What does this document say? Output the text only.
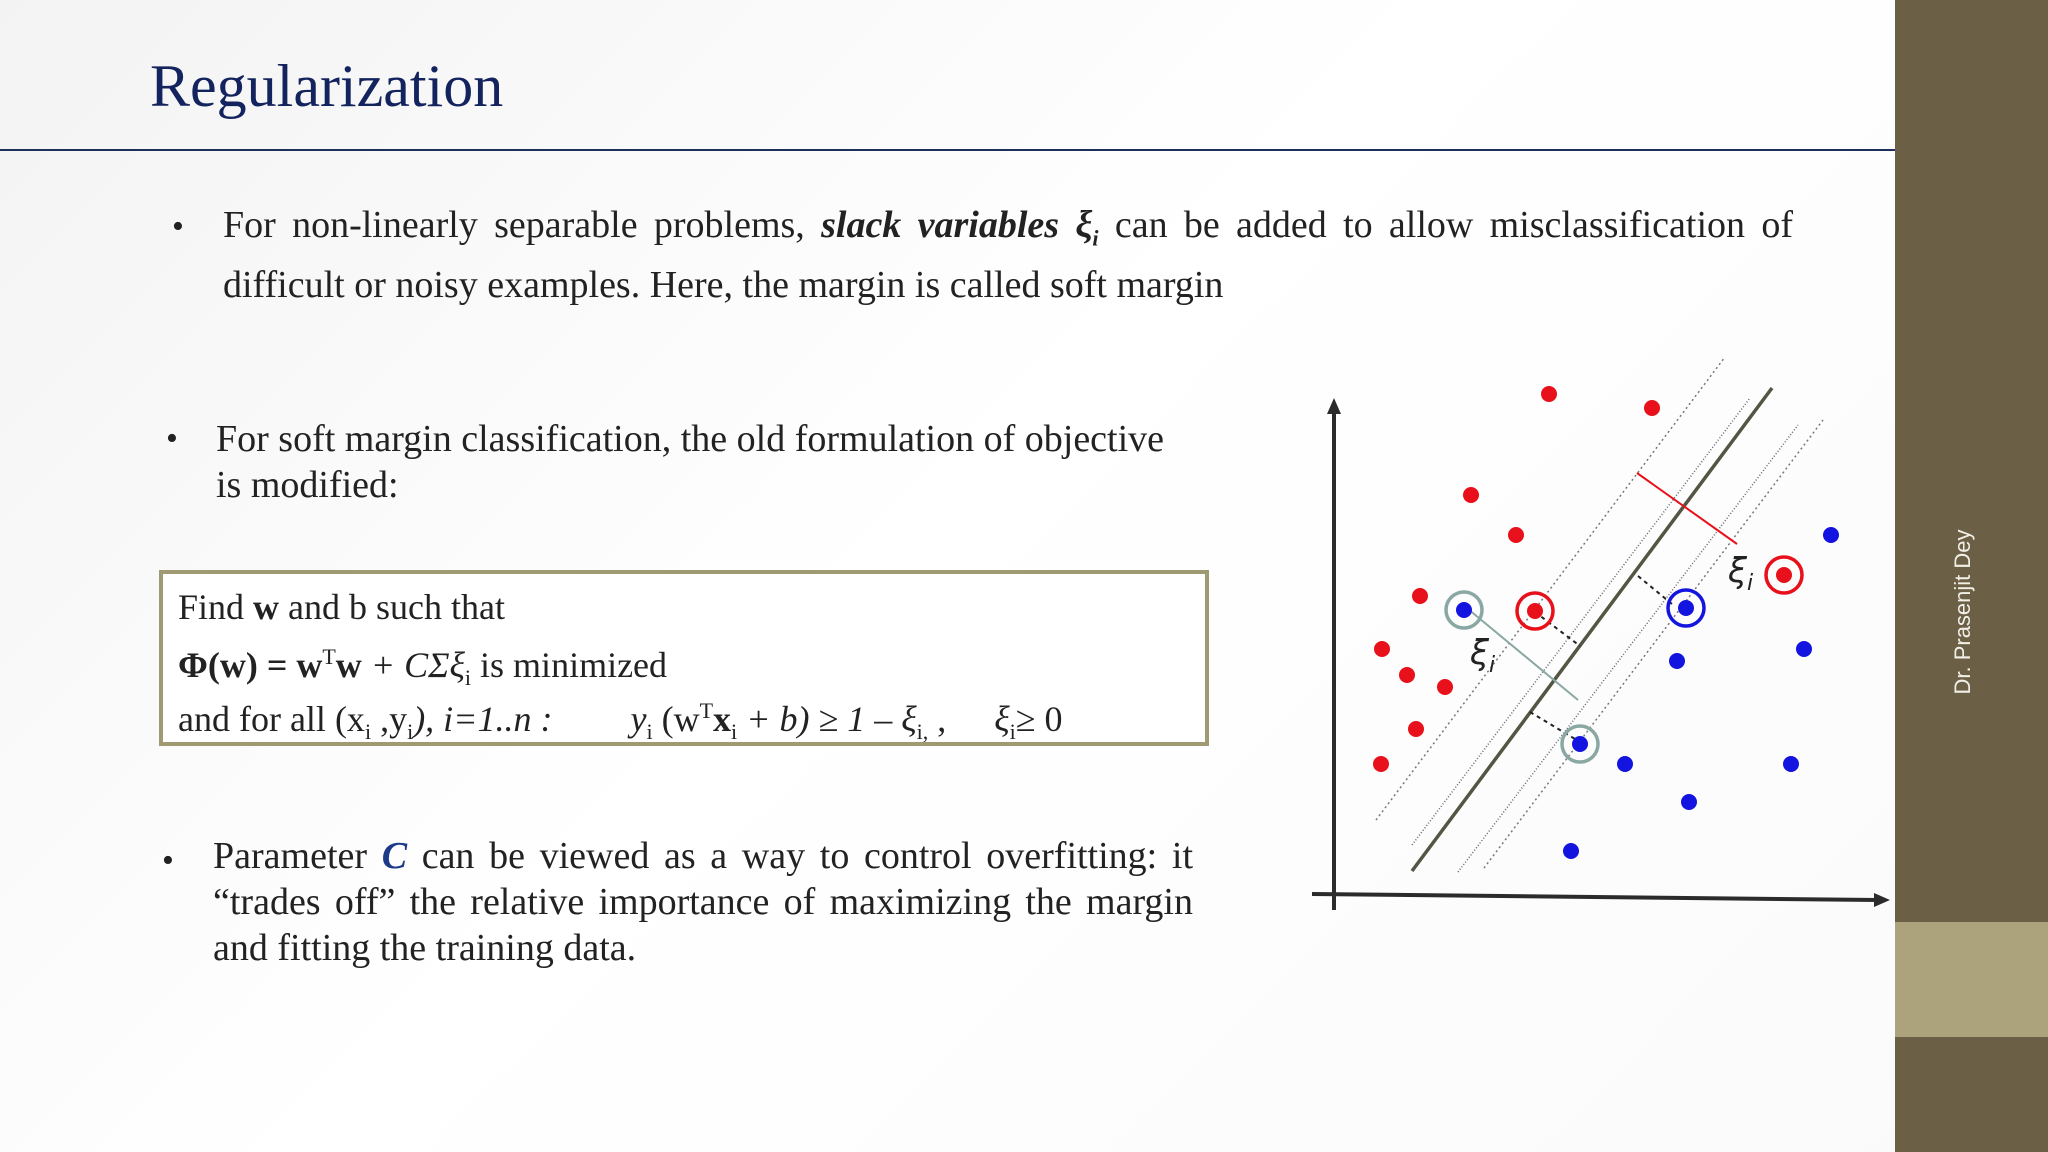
Regularization
• For non-linearly separable problems, slack variables $\xi_i$ can be added to allow misclassification of difficult or noisy examples. Here, the margin is called soft margin
• For soft margin classification, the old formulation of objective is modified:
Find w and b such that
$\Phi(w) = w^Tw + C\Sigma\xi_i$ is minimized
and for all ($x_i$ $,y_i$), i=1..n : $y_i$ $(w^Tx_i + b) \ge 1 - \xi_{i,}$ , $\xi_i\ge 0$
• Parameter C can be viewed as a way to control overfitting: it “trades off” the relative importance of maximizing the margin and fitting the training data.
$\xi_i$
$\xi_i$	Dr. Prasenjit Dey
